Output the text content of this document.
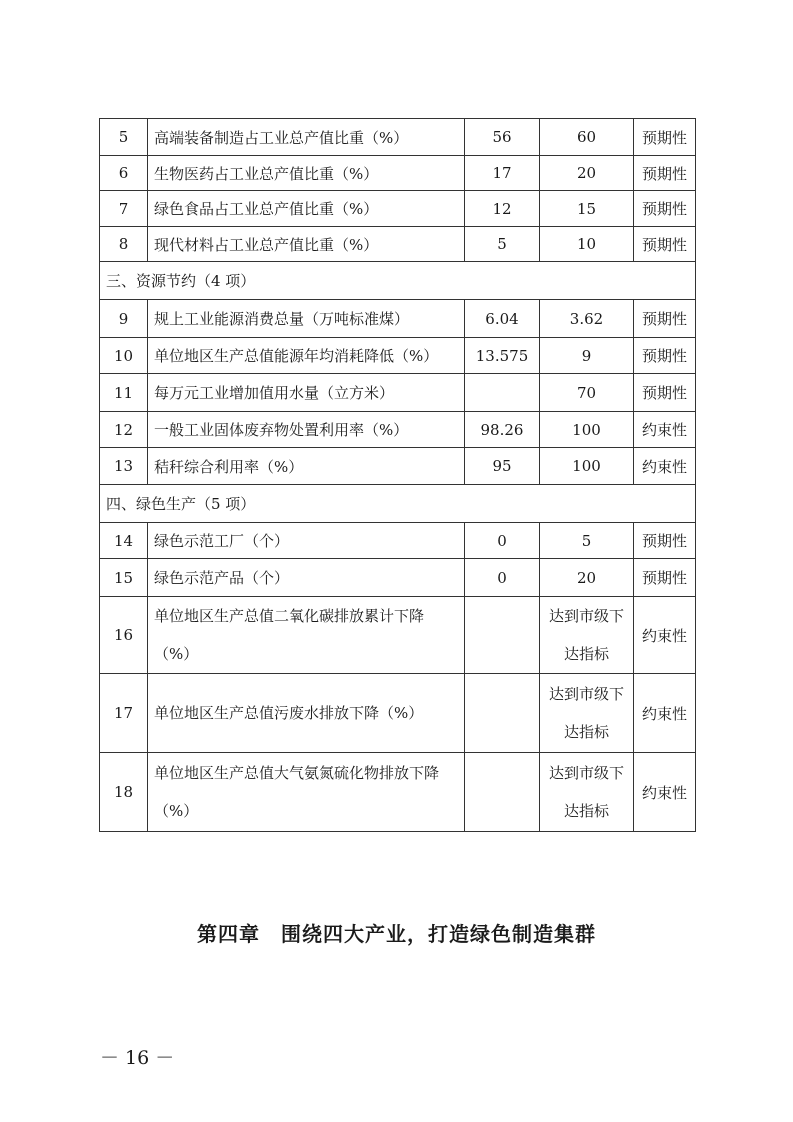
5	高端装备制造占工业总产值比重（%）	56	60	预期性
6	生物医药占工业总产值比重（%）	17	20	预期性
7	绿色食品占工业总产值比重（%）	12	15	预期性
8	现代材料占工业总产值比重（%）	5	10	预期性
三、资源节约（4 项）				
9	规上工业能源消费总量（万吨标准煤）	6.04	3.62	预期性
10	单位地区生产总值能源年均消耗降低（%）	13.575	9	预期性
11	每万元工业增加值用水量（立方米）		70	预期性
12	一般工业固体废弃物处置利用率（%）	98.26	100	约束性
13	秸秆综合利用率（%）	95	100	约束性
四、绿色生产（5 项）				
14	绿色示范工厂（个）	0	5	预期性
15	绿色示范产品（个）	0	20	预期性
16	单位地区生产总值二氧化碳排放累计下降（%）		达到市级下达指标	约束性
17	单位地区生产总值污废水排放下降（%）		达到市级下达指标	约束性
18	单位地区生产总值大气氨氮硫化物排放下降（%）		达到市级下达指标	约束性
第四章　围绕四大产业，打造绿色制造集群
－ 16 －
